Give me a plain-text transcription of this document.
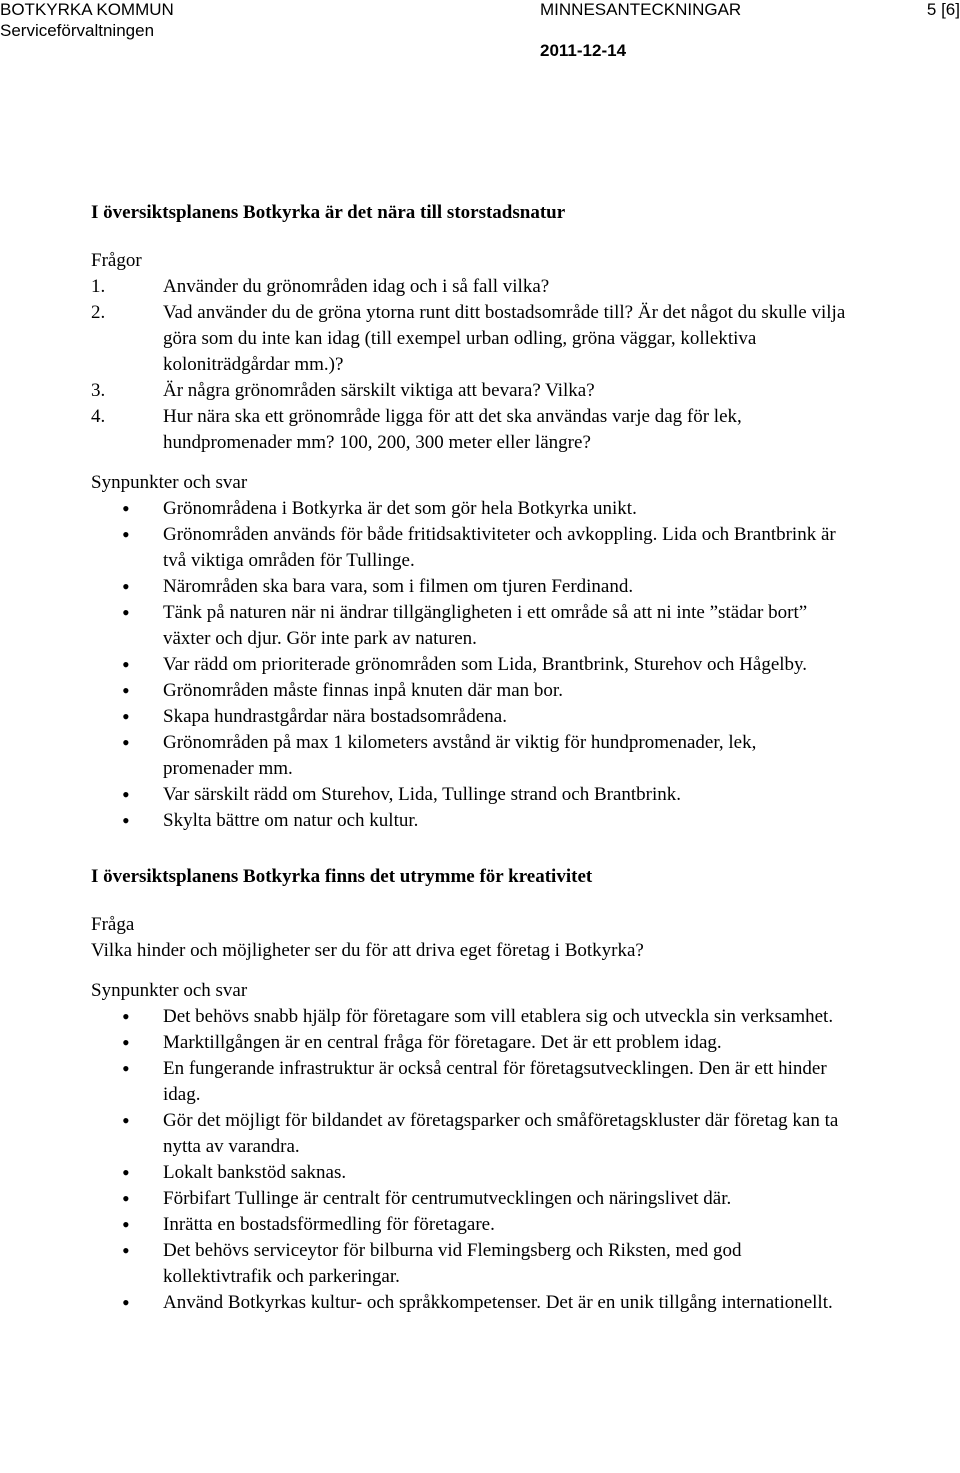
BOTKYRKA KOMMUN

Serviceförvaltningen

MINNESANTECKNINGAR

2011-12-14

5 [6]

I översiktsplanens Botkyrka är det nära till storstadsnatur

Frågor

1.	Använder du grönområden idag och i så fall vilka?
2.	Vad använder du de gröna ytorna runt ditt bostadsområde till? Är det något du skulle vilja göra som du inte kan idag (till exempel urban odling, gröna väggar, kollektiva koloniträdgårdar mm.)?
3.	Är några grönområden särskilt viktiga att bevara? Vilka?
4.	Hur nära ska ett grönområde ligga för att det ska användas varje dag för lek, hundpromenader mm? 100, 200, 300 meter eller längre?

Synpunkter och svar

• Grönområdena i Botkyrka är det som gör hela Botkyrka unikt.
• Grönområden används för både fritidsaktiviteter och avkoppling. Lida och Brantbrink är två viktiga områden för Tullinge.
• Närområden ska bara vara, som i filmen om tjuren Ferdinand.
• Tänk på naturen när ni ändrar tillgängligheten i ett område så att ni inte ”städar bort” växter och djur. Gör inte park av naturen.
• Var rädd om prioriterade grönområden som Lida, Brantbrink, Sturehov och Hågelby.
• Grönområden måste finnas inpå knuten där man bor.
• Skapa hundrastgårdar nära bostadsområdena.
• Grönområden på max 1 kilometers avstånd är viktig för hundpromenader, lek, promenader mm.
• Var särskilt rädd om Sturehov, Lida, Tullinge strand och Brantbrink.
• Skylta bättre om natur och kultur.
I översiktsplanens Botkyrka finns det utrymme för kreativitet

Fråga

Vilka hinder och möjligheter ser du för att driva eget företag i Botkyrka?

Synpunkter och svar

• Det behövs snabb hjälp för företagare som vill etablera sig och utveckla sin verksamhet.
• Marktillgången är en central fråga för företagare. Det är ett problem idag.
• En fungerande infrastruktur är också central för företagsutvecklingen. Den är ett hinder idag.
• Gör det möjligt för bildandet av företagsparker och småföretagskluster där företag kan ta nytta av varandra.
• Lokalt bankstöd saknas.
• Förbifart Tullinge är centralt för centrumutvecklingen och näringslivet där.
• Inrätta en bostadsförmedling för företagare.
• Det behövs serviceytor för bilburna vid Flemingsberg och Riksten, med god kollektivtrafik och parkeringar.
• Använd Botkyrkas kultur- och språkkompetenser. Det är en unik tillgång internationellt.
